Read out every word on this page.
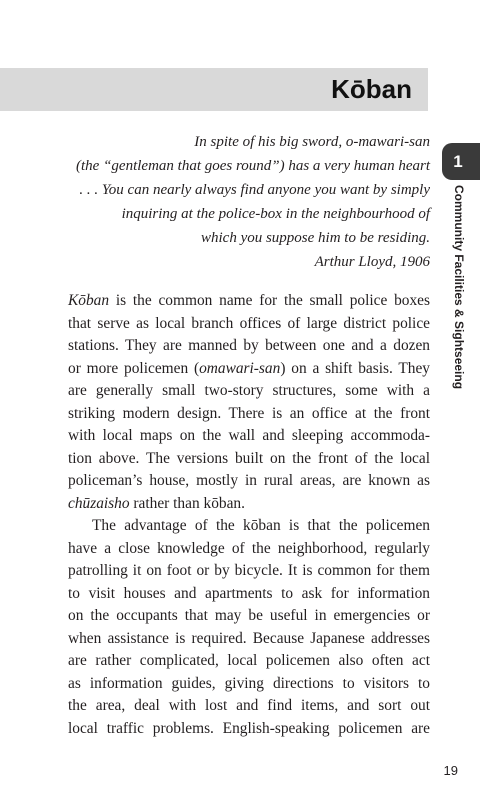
Kōban
1
Community Facilities & Sightseeing
In spite of his big sword, o-mawari-san
(the “gentleman that goes round”) has a very human heart
. . . You can nearly always find anyone you want by simply
inquiring at the police-box in the neighbourhood of
which you suppose him to be residing.
Arthur Lloyd, 1906
Kōban is the common name for the small police boxes
that serve as local branch offices of large district police
stations. They are manned by between one and a dozen
or more policemen (omawari-san) on a shift basis. They
are generally small two-story structures, some with a
striking modern design. There is an office at the front
with local maps on the wall and sleeping accommoda-
tion above. The versions built on the front of the local
policeman’s house, mostly in rural areas, are known as
chūzaisho rather than kōban.
The advantage of the kōban is that the policemen
have a close knowledge of the neighborhood, regularly
patrolling it on foot or by bicycle. It is common for them
to visit houses and apartments to ask for information
on the occupants that may be useful in emergencies or
when assistance is required. Because Japanese addresses
are rather complicated, local policemen also often act
as information guides, giving directions to visitors to
the area, deal with lost and find items, and sort out
local traffic problems. English-speaking policemen are
19
